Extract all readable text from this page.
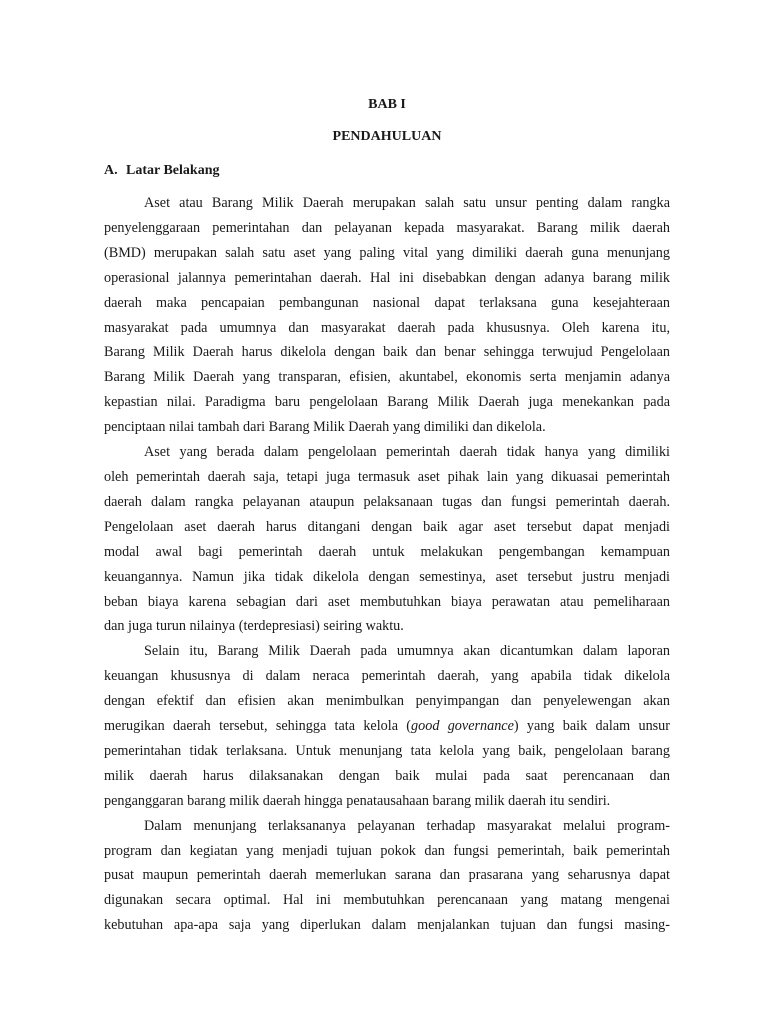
BAB I

PENDAHULUAN

A. Latar Belakang

Aset atau Barang Milik Daerah merupakan salah satu unsur penting dalam rangka
penyelenggaraan pemerintahan dan pelayanan kepada masyarakat. Barang milik daerah
(BMD) merupakan salah satu aset yang paling vital yang dimiliki daerah guna menunjang
operasional jalannya pemerintahan daerah. Hal ini disebabkan dengan adanya barang milik
daerah maka pencapaian pembangunan nasional dapat terlaksana guna kesejahteraan
masyarakat pada umumnya dan masyarakat daerah pada khususnya. Oleh karena itu,
Barang Milik Daerah harus dikelola dengan baik dan benar sehingga terwujud Pengelolaan
Barang Milik Daerah yang transparan, efisien, akuntabel, ekonomis serta menjamin adanya
kepastian nilai. Paradigma baru pengelolaan Barang Milik Daerah juga menekankan pada
penciptaan nilai tambah dari Barang Milik Daerah yang dimiliki dan dikelola.
Aset yang berada dalam pengelolaan pemerintah daerah tidak hanya yang dimiliki
oleh pemerintah daerah saja, tetapi juga termasuk aset pihak lain yang dikuasai pemerintah
daerah dalam rangka pelayanan ataupun pelaksanaan tugas dan fungsi pemerintah daerah.
Pengelolaan aset daerah harus ditangani dengan baik agar aset tersebut dapat menjadi
modal awal bagi pemerintah daerah untuk melakukan pengembangan kemampuan
keuangannya. Namun jika tidak dikelola dengan semestinya, aset tersebut justru menjadi
beban biaya karena sebagian dari aset membutuhkan biaya perawatan atau pemeliharaan
dan juga turun nilainya (terdepresiasi) seiring waktu.
Selain itu, Barang Milik Daerah pada umumnya akan dicantumkan dalam laporan
keuangan khususnya di dalam neraca pemerintah daerah, yang apabila tidak dikelola
dengan efektif dan efisien akan menimbulkan penyimpangan dan penyelewengan akan
merugikan daerah tersebut, sehingga tata kelola (good governance) yang baik dalam unsur
pemerintahan tidak terlaksana. Untuk menunjang tata kelola yang baik, pengelolaan barang
milik daerah harus dilaksanakan dengan baik mulai pada saat perencanaan dan
penganggaran barang milik daerah hingga penatausahaan barang milik daerah itu sendiri.
Dalam menunjang terlaksananya pelayanan terhadap masyarakat melalui program-
program dan kegiatan yang menjadi tujuan pokok dan fungsi pemerintah, baik pemerintah
pusat maupun pemerintah daerah memerlukan sarana dan prasarana yang seharusnya dapat
digunakan secara optimal. Hal ini membutuhkan perencanaan yang matang mengenai
kebutuhan apa-apa saja yang diperlukan dalam menjalankan tujuan dan fungsi masing-
